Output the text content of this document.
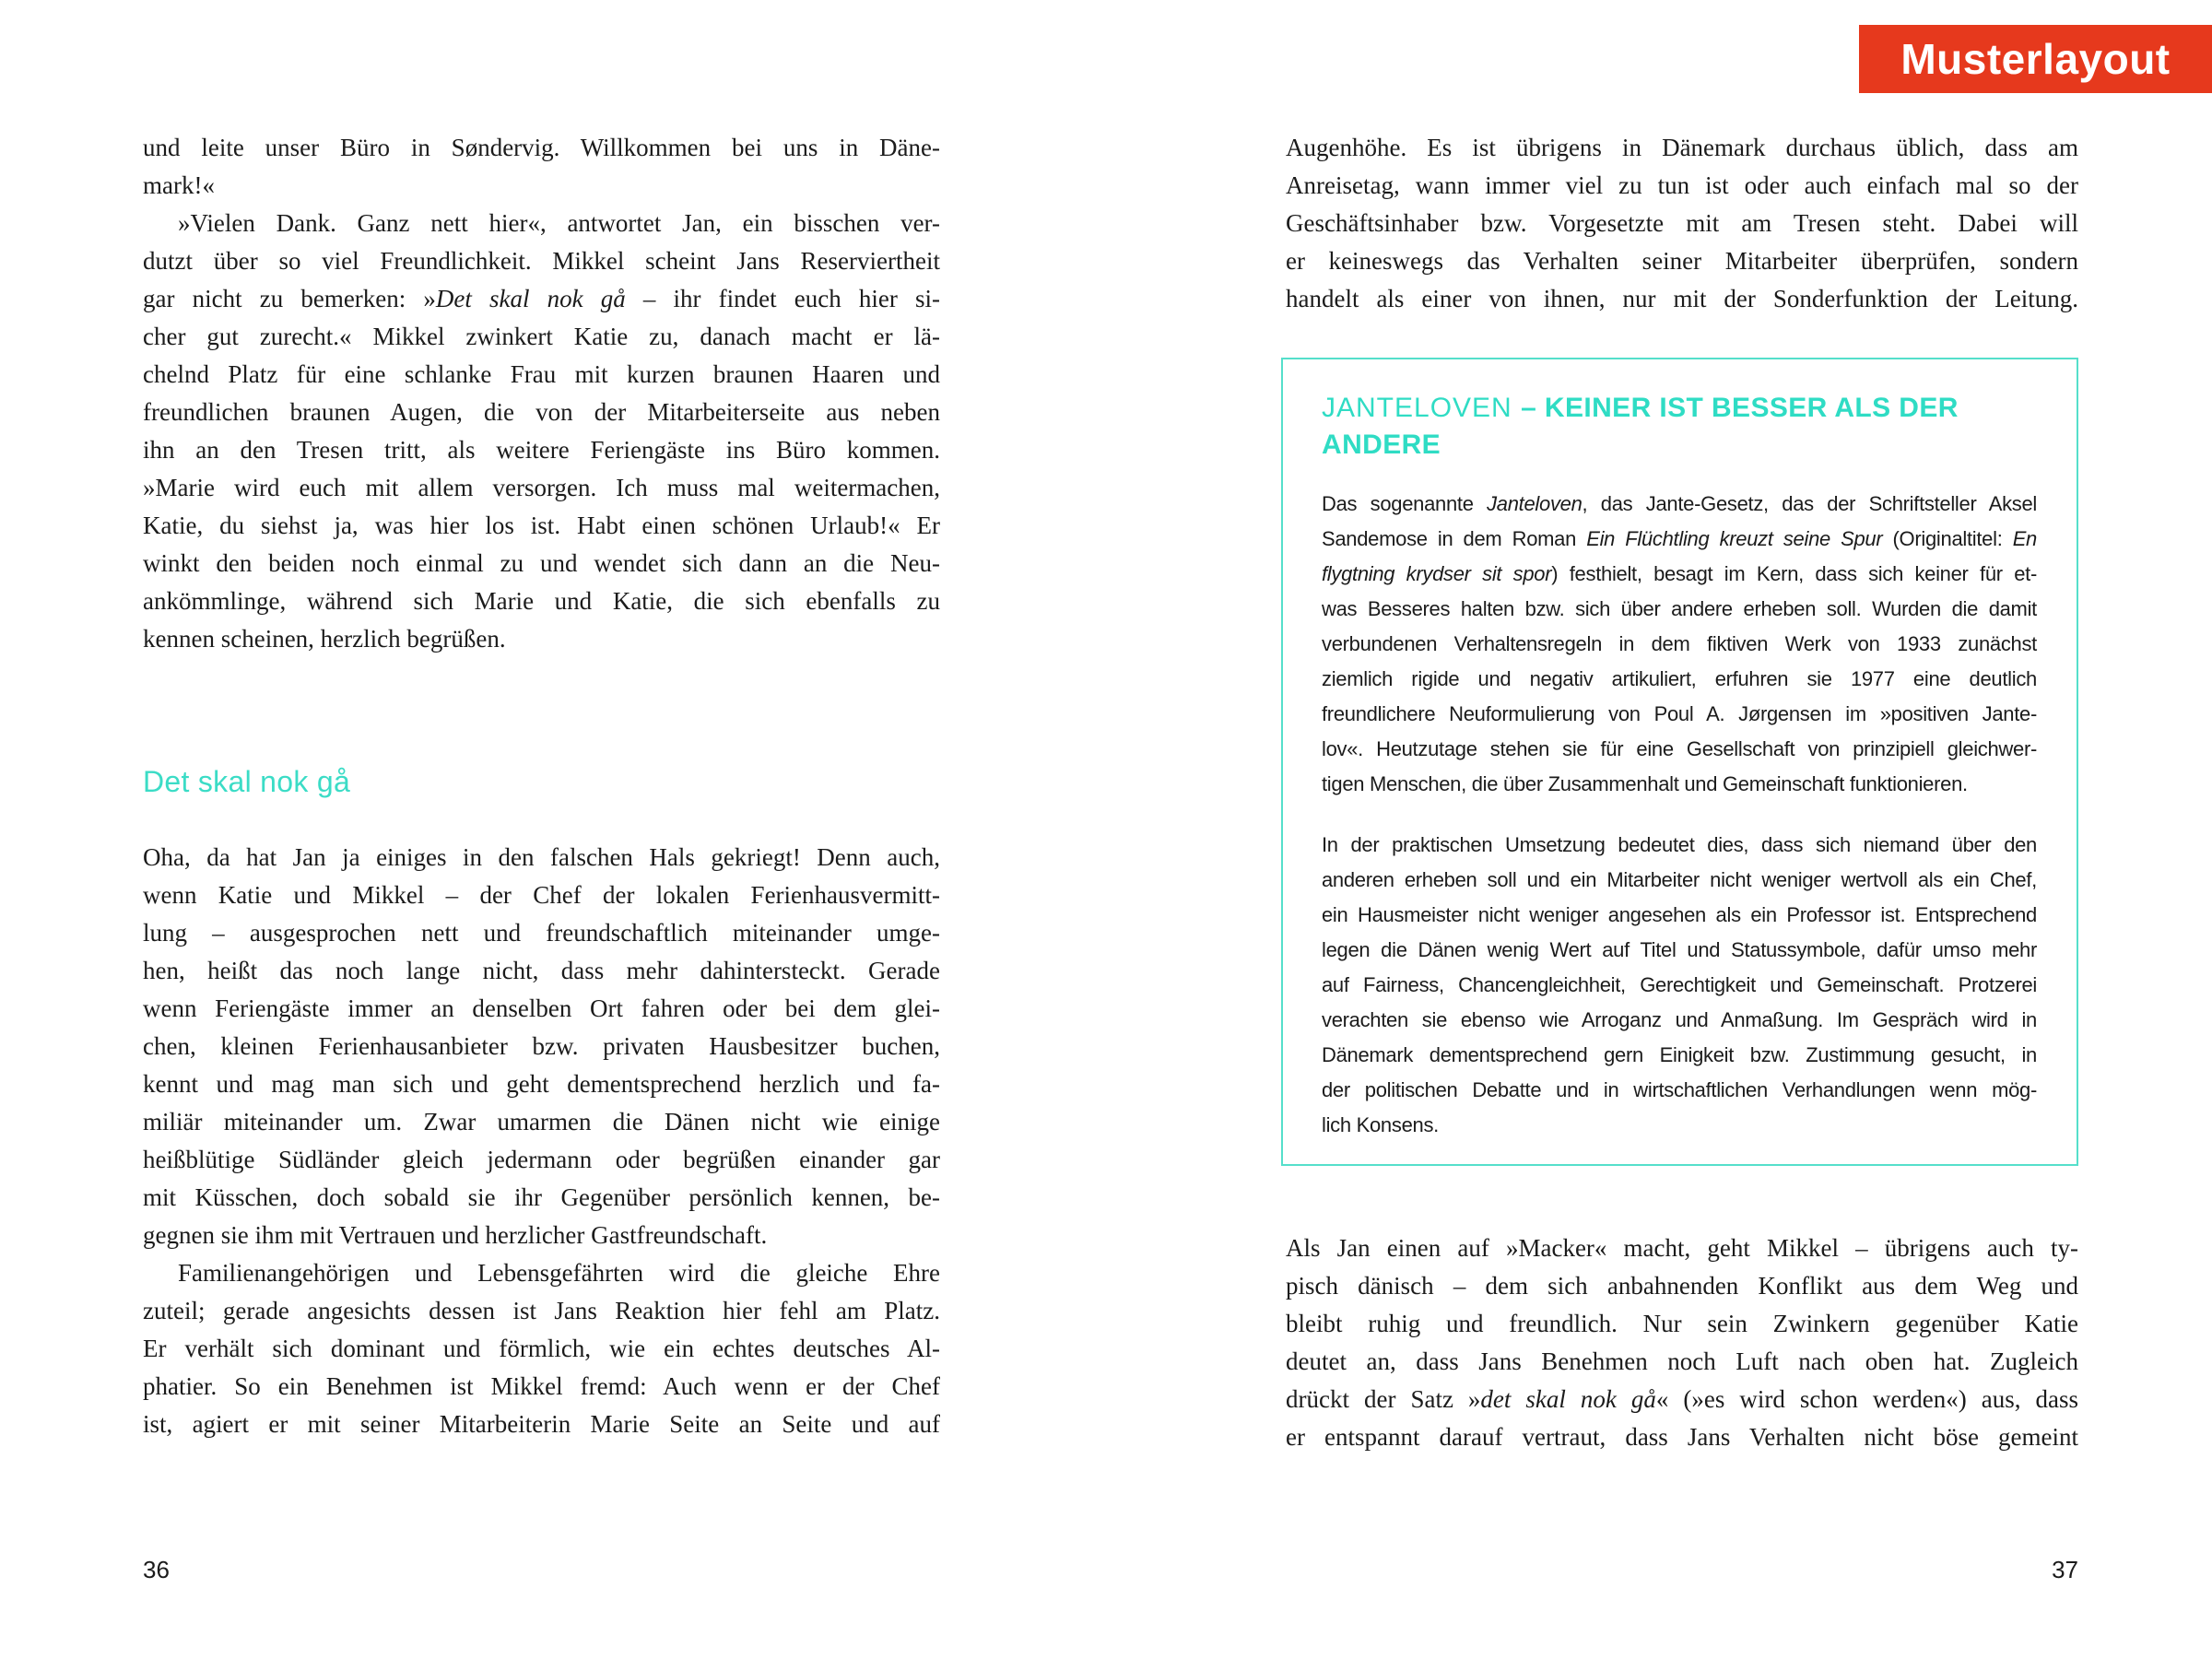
Musterlayout
und leite unser Büro in Søndervig. Willkommen bei uns in Däne-
mark!«
»Vielen Dank. Ganz nett hier«, antwortet Jan, ein bisschen ver-
dutzt über so viel Freundlichkeit. Mikkel scheint Jans Reserviertheit
gar nicht zu bemerken: »Det skal nok gå – ihr findet euch hier si-
cher gut zurecht.« Mikkel zwinkert Katie zu, danach macht er lä-
chelnd Platz für eine schlanke Frau mit kurzen braunen Haaren und
freundlichen braunen Augen, die von der Mitarbeiterseite aus neben
ihn an den Tresen tritt, als weitere Feriengäste ins Büro kommen.
»Marie wird euch mit allem versorgen. Ich muss mal weitermachen,
Katie, du siehst ja, was hier los ist. Habt einen schönen Urlaub!« Er
winkt den beiden noch einmal zu und wendet sich dann an die Neu-
ankömmlinge, während sich Marie und Katie, die sich ebenfalls zu
kennen scheinen, herzlich begrüßen.
Det skal nok gå
Oha, da hat Jan ja einiges in den falschen Hals gekriegt! Denn auch,
wenn Katie und Mikkel – der Chef der lokalen Ferienhausvermitt-
lung – ausgesprochen nett und freundschaftlich miteinander umge-
hen, heißt das noch lange nicht, dass mehr dahintersteckt. Gerade
wenn Feriengäste immer an denselben Ort fahren oder bei dem glei-
chen, kleinen Ferienhausanbieter bzw. privaten Hausbesitzer buchen,
kennt und mag man sich und geht dementsprechend herzlich und fa-
miliär miteinander um. Zwar umarmen die Dänen nicht wie einige
heißblütige Südländer gleich jedermann oder begrüßen einander gar
mit Küsschen, doch sobald sie ihr Gegenüber persönlich kennen, be-
gegnen sie ihm mit Vertrauen und herzlicher Gastfreundschaft.
Familienangehörigen und Lebensgefährten wird die gleiche Ehre
zuteil; gerade angesichts dessen ist Jans Reaktion hier fehl am Platz.
Er verhält sich dominant und förmlich, wie ein echtes deutsches Al-
phatier. So ein Benehmen ist Mikkel fremd: Auch wenn er der Chef
ist, agiert er mit seiner Mitarbeiterin Marie Seite an Seite und auf
Augenhöhe. Es ist übrigens in Dänemark durchaus üblich, dass am
Anreisetag, wann immer viel zu tun ist oder auch einfach mal so der
Geschäftsinhaber bzw. Vorgesetzte mit am Tresen steht. Dabei will
er keineswegs das Verhalten seiner Mitarbeiter überprüfen, sondern
handelt als einer von ihnen, nur mit der Sonderfunktion der Leitung.
JANTELOVEN – KEINER IST BESSER ALS DER
ANDERE
Das sogenannte Janteloven, das Jante-Gesetz, das der Schriftsteller Aksel
Sandemose in dem Roman Ein Flüchtling kreuzt seine Spur (Originaltitel: En
flygtning krydser sit spor) festhielt, besagt im Kern, dass sich keiner für et-
was Besseres halten bzw. sich über andere erheben soll. Wurden die damit
verbundenen Verhaltensregeln in dem fiktiven Werk von 1933 zunächst
ziemlich rigide und negativ artikuliert, erfuhren sie 1977 eine deutlich
freundlichere Neuformulierung von Poul A. Jørgensen im »positiven Jante-
lov«. Heutzutage stehen sie für eine Gesellschaft von prinzipiell gleichwer-
tigen Menschen, die über Zusammenhalt und Gemeinschaft funktionieren.
In der praktischen Umsetzung bedeutet dies, dass sich niemand über den
anderen erheben soll und ein Mitarbeiter nicht weniger wertvoll als ein Chef,
ein Hausmeister nicht weniger angesehen als ein Professor ist. Entsprechend
legen die Dänen wenig Wert auf Titel und Statussymbole, dafür umso mehr
auf Fairness, Chancengleichheit, Gerechtigkeit und Gemeinschaft. Protzerei
verachten sie ebenso wie Arroganz und Anmaßung. Im Gespräch wird in
Dänemark dementsprechend gern Einigkeit bzw. Zustimmung gesucht, in
der politischen Debatte und in wirtschaftlichen Verhandlungen wenn mög-
lich Konsens.
Als Jan einen auf »Macker« macht, geht Mikkel – übrigens auch ty-
pisch dänisch – dem sich anbahnenden Konflikt aus dem Weg und
bleibt ruhig und freundlich. Nur sein Zwinkern gegenüber Katie
deutet an, dass Jans Benehmen noch Luft nach oben hat. Zugleich
drückt der Satz »det skal nok gå« (»es wird schon werden«) aus, dass
er entspannt darauf vertraut, dass Jans Verhalten nicht böse gemeint
36	37
